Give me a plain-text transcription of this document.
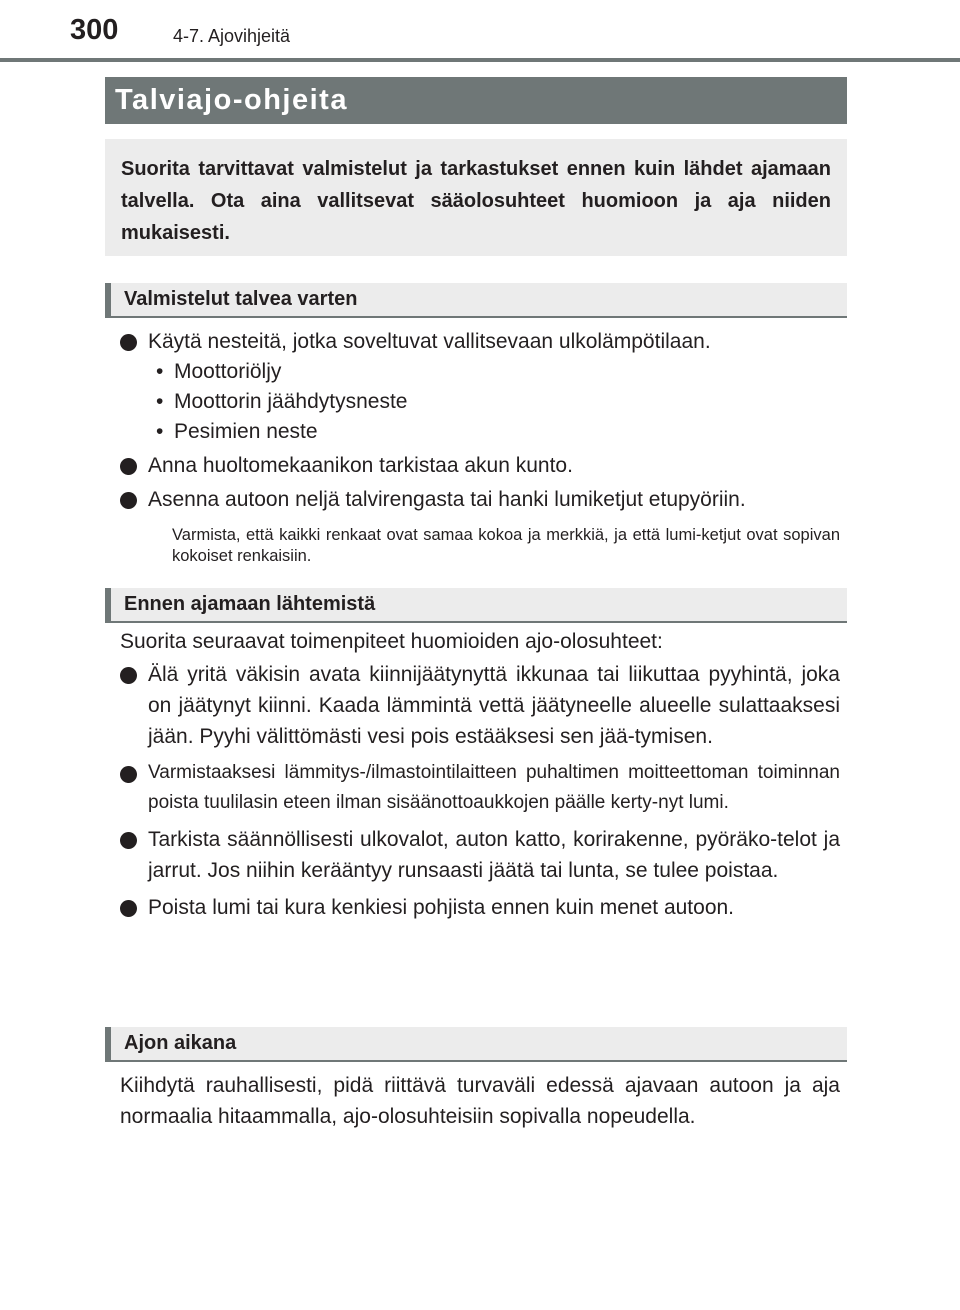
300	4-7. Ajovihjeitä
Talviajo-ohjeita

Suorita tarvittavat valmistelut ja tarkastukset ennen kuin lähdet ajamaan talvella. Ota aina vallitsevat sääolosuhteet huomioon ja aja niiden mukaisesti.

Valmistelut talvea varten
Käytä nesteitä, jotka soveltuvat vallitsevaan ulkolämpötilaan.
• Moottoriöljy
• Moottorin jäähdytysneste
• Pesimien neste
Anna huoltomekaanikon tarkistaa akun kunto.
Asenna autoon neljä talvirengasta tai hanki lumiketjut etupyöriin.
Varmista, että kaikki renkaat ovat samaa kokoa ja merkkiä, ja että lumi-ketjut ovat sopivan kokoiset renkaisiin.
Ennen ajamaan lähtemistä
Suorita seuraavat toimenpiteet huomioiden ajo-olosuhteet:
Älä yritä väkisin avata kiinnijäätynyttä ikkunaa tai liikuttaa pyyhintä, joka on jäätynyt kiinni. Kaada lämmintä vettä jäätyneelle alueelle sulattaaksesi jään. Pyyhi välittömästi vesi pois estääksesi sen jää-tymisen.
Varmistaaksesi lämmitys-/ilmastointilaitteen puhaltimen moitteettoman toiminnan poista tuulilasin eteen ilman sisäänottoaukkojen päälle kerty-nyt lumi.
Tarkista säännöllisesti ulkovalot, auton katto, korirakenne, pyöräko-telot ja jarrut. Jos niihin kerääntyy runsaasti jäätä tai lunta, se tulee poistaa.
Poista lumi tai kura kenkiesi pohjista ennen kuin menet autoon.
Ajon aikana
Kiihdytä rauhallisesti, pidä riittävä turvaväli edessä ajavaan autoon ja aja normaalia hitaammalla, ajo-olosuhteisiin sopivalla nopeudella.
